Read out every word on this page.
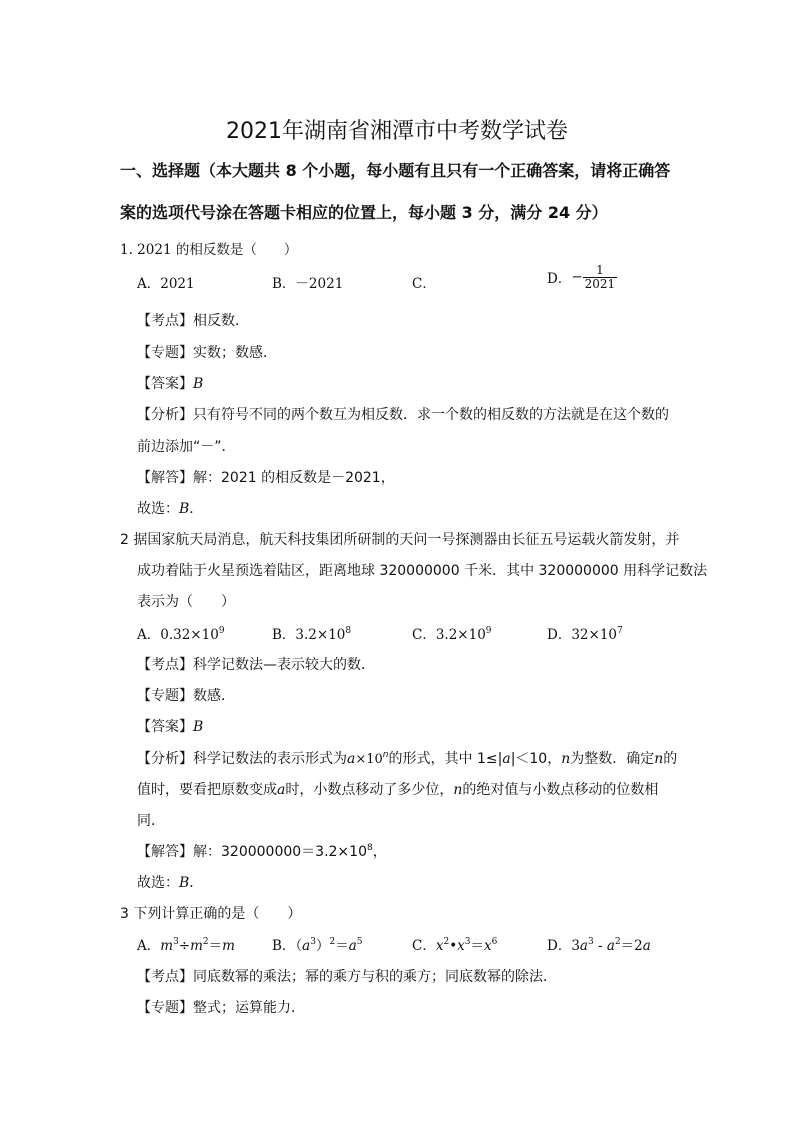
2021年湖南省湘潭市中考数学试卷
一、选择题（本大题共 8 个小题，每小题有且只有一个正确答案，请将正确答
案的选项代号涂在答题卡相应的位置上，每小题 3 分，满分 24 分）
1. 2021 的相反数是（　　）
A．2021	B．－2021	C．	D．− $\frac{1}{2021}$
【考点】相反数．
【专题】实数；数感．
【答案】B
【分析】只有符号不同的两个数互为相反数．求一个数的相反数的方法就是在这个数的
前边添加“－”．
【解答】解：2021 的相反数是－2021，
故选：B．
2 据国家航天局消息，航天科技集团所研制的天问一号探测器由长征五号运载火箭发射，并
成功着陆于火星预选着陆区，距离地球 320000000 千米．其中 320000000 用科学记数法
表示为（　　）
A．$0.32\times 10^9$	B．$3.2\times 10^8$	C．$3.2\times 10^9$	D．$32\times 10^7$
【考点】科学记数法—表示较大的数．
【专题】数感．
【答案】B
【分析】科学记数法的表示形式为$a\times 10^n$的形式，其中 1≤|a|＜10，n为整数．确定n的
值时，要看把原数变成a时，小数点移动了多少位，n的绝对值与小数点移动的位数相
同．
【解答】解：$320000000=3.2\times 10^8$，
故选：B．
3 下列计算正确的是（　　）
A．$m^3\div m^2=m$	B．$(a^3)^2=a^5$	C．$x^2•x^3=x^6$	D．$3a^3 - a^2=2a$
【考点】同底数幂的乘法；幂的乘方与积的乘方；同底数幂的除法．
【专题】整式；运算能力．
